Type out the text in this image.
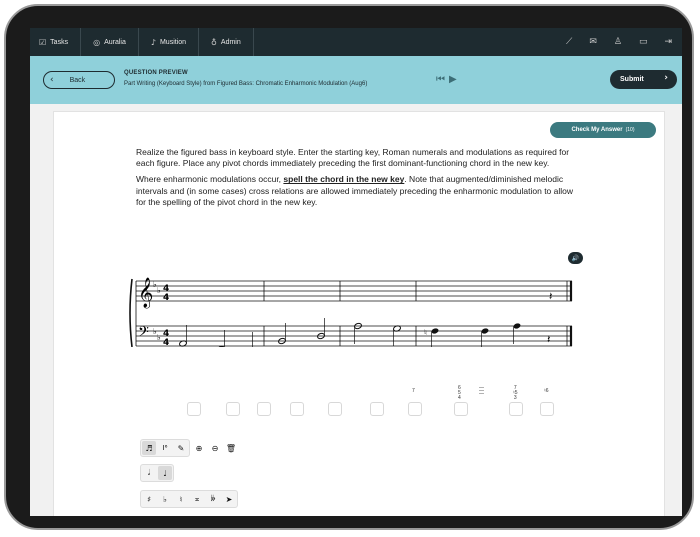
☑ Tasks	◎ Auralia	♪ Musition	♁ Admin	⟋ ✉ ♙ ▭ ⇥
‹ Back
QUESTION PREVIEW
Part Writing (Keyboard Style) from Figured Bass: Chromatic Enharmonic Modulation (Aug6)	⏮ ▶	Submit ›
Check My Answer (10)

Realize the figured bass in keyboard style. Enter the starting key, Roman numerals and modulations as required for each figure. Place any pivot chords immediately preceding the first dominant-functioning chord in the new key.

Where enharmonic modulations occur, spell the chord in the new key. Note that augmented/diminished melodic intervals and (in some cases) cross relations are allowed immediately preceding the enharmonic modulation to allow for the spelling of the pivot chord in the new key.

🔊
𝄞
𝄢
♭
♭
♭
♭
4
4
4
4
𝄽
♮
𝄽
7	6
5
4
—
—
—
7
♮5
3
♮6
♬	I⁶	✎	⊕	⊖ 🗑
𝅗𝅥	♩
♯	♭	♮	𝄪	𝄫	➤
